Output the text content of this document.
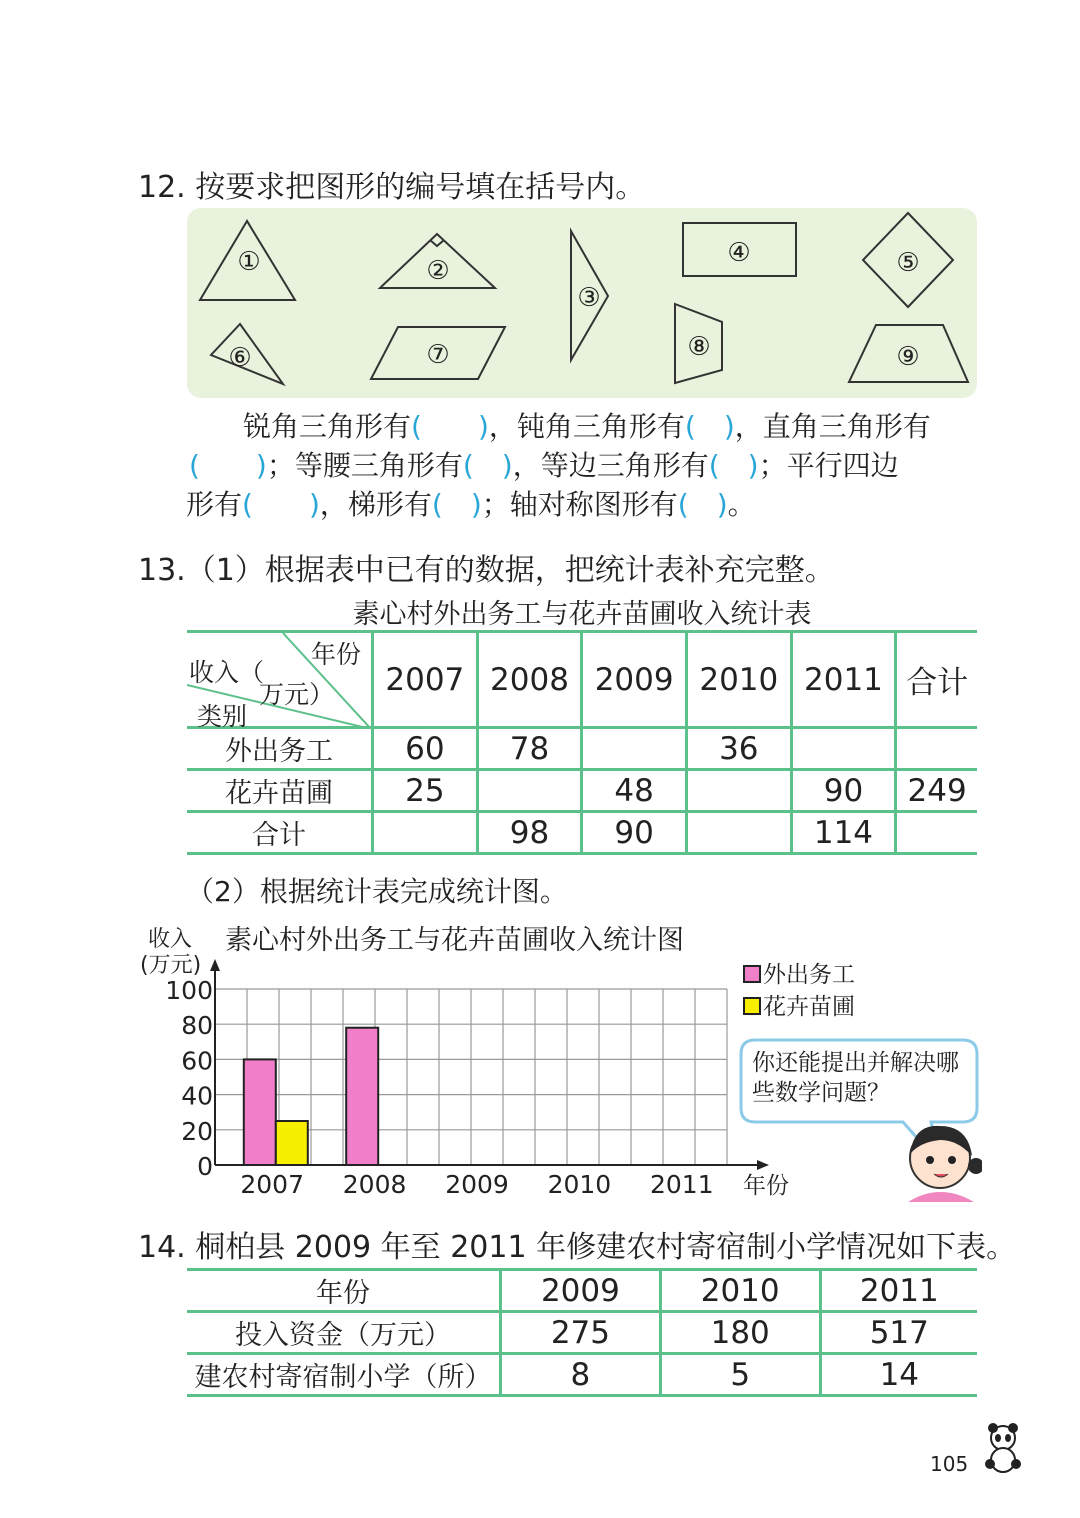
12. 按要求把图形的编号填在括号内。
①	②
③
④	⑤
⑥	⑦	⑧	⑨
锐角三角形有(　　)，钝角三角形有(　)，直角三角形有
(　　)；等腰三角形有(　)，等边三角形有(　)；平行四边
形有(　　)，梯形有(　)；轴对称图形有(　)。
13.（1）根据表中已有的数据，把统计表补充完整。
素心村外出务工与花卉苗圃收入统计表
年份
收入（
万元）
类别	2007	2008	2009	2010	2011	合计
外出务工	60	78		36		
花卉苗圃	25		48		90	249
合计		98	90		114	
（2）根据统计表完成统计图。
素心村外出务工与花卉苗圃收入统计图
收入
(万元)
0
20
40
60
80
100
2007 2008 2009 2010 2011 年份
外出务工
花卉苗圃
你还能提出并解决哪
些数学问题？
14. 桐柏县 2009 年至 2011 年修建农村寄宿制小学情况如下表。
年份	2009	2010	2011
投入资金（万元）	275	180	517
建农村寄宿制小学（所）	8	5	14
105
